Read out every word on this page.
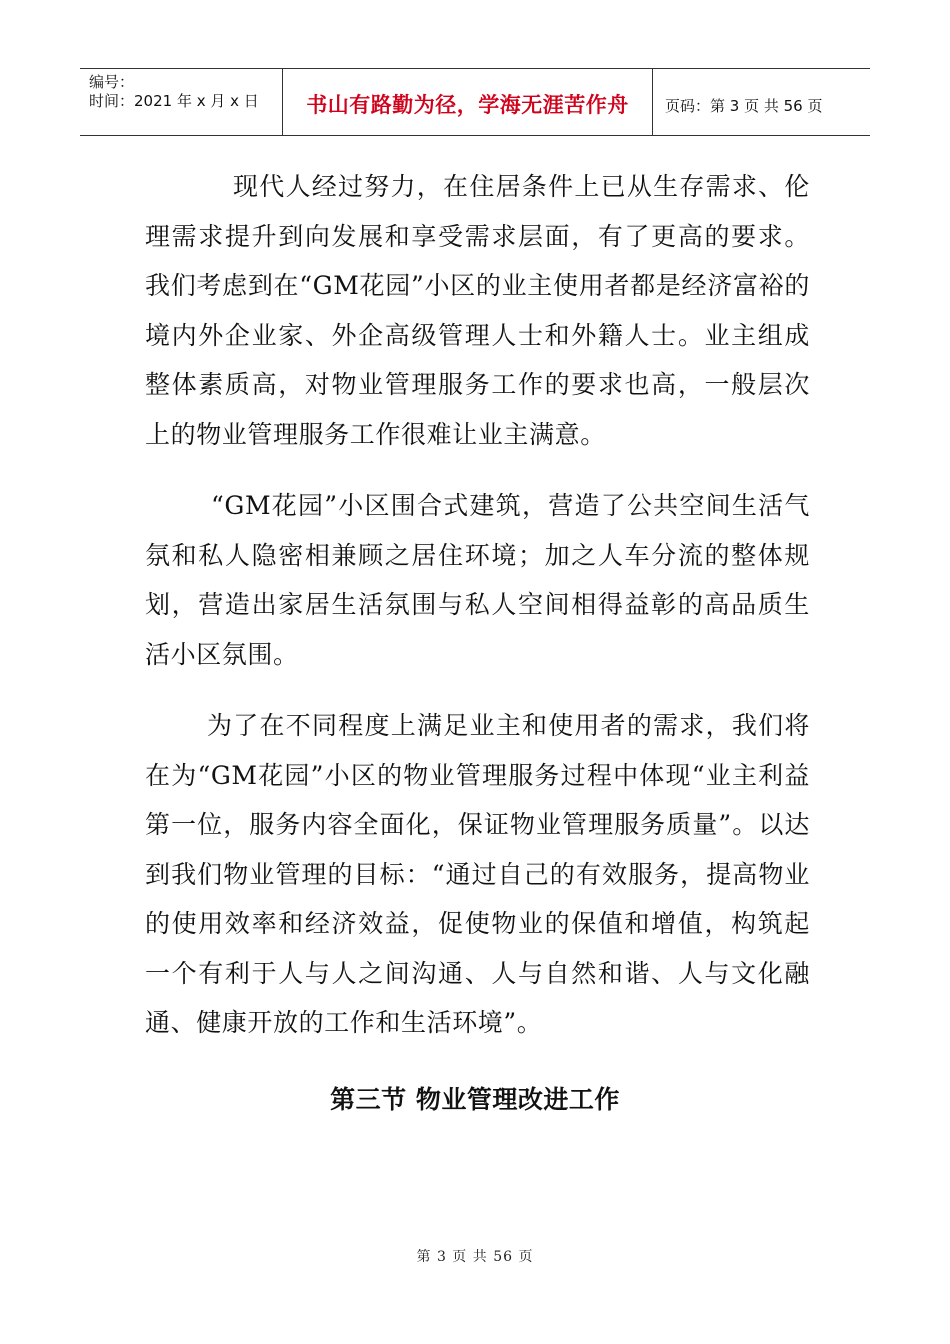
编号：
时间：2021 年 x 月 x 日	书山有路勤为径，学海无涯苦作舟 页码：第 3 页 共 56 页

现代人经过努力，在住居条件上已从生存需求、伦理需求提升到向发展和享受需求层面，有了更高的要求。我们考虑到在“GM花园”小区的业主使用者都是经济富裕的境内外企业家、外企高级管理人士和外籍人士。业主组成整体素质高，对物业管理服务工作的要求也高，一般层次上的物业管理服务工作很难让业主满意。

“GM花园”小区围合式建筑，营造了公共空间生活气氛和私人隐密相兼顾之居住环境；加之人车分流的整体规划，营造出家居生活氛围与私人空间相得益彰的高品质生活小区氛围。

为了在不同程度上满足业主和使用者的需求，我们将在为“GM花园”小区的物业管理服务过程中体现“业主利益第一位，服务内容全面化，保证物业管理服务质量”。以达到我们物业管理的目标：“通过自己的有效服务，提高物业的使用效率和经济效益，促使物业的保值和增值，构筑起一个有利于人与人之间沟通、人与自然和谐、人与文化融通、健康开放的工作和生活环境”。

第三节 物业管理改进工作
第 3 页 共 56 页
